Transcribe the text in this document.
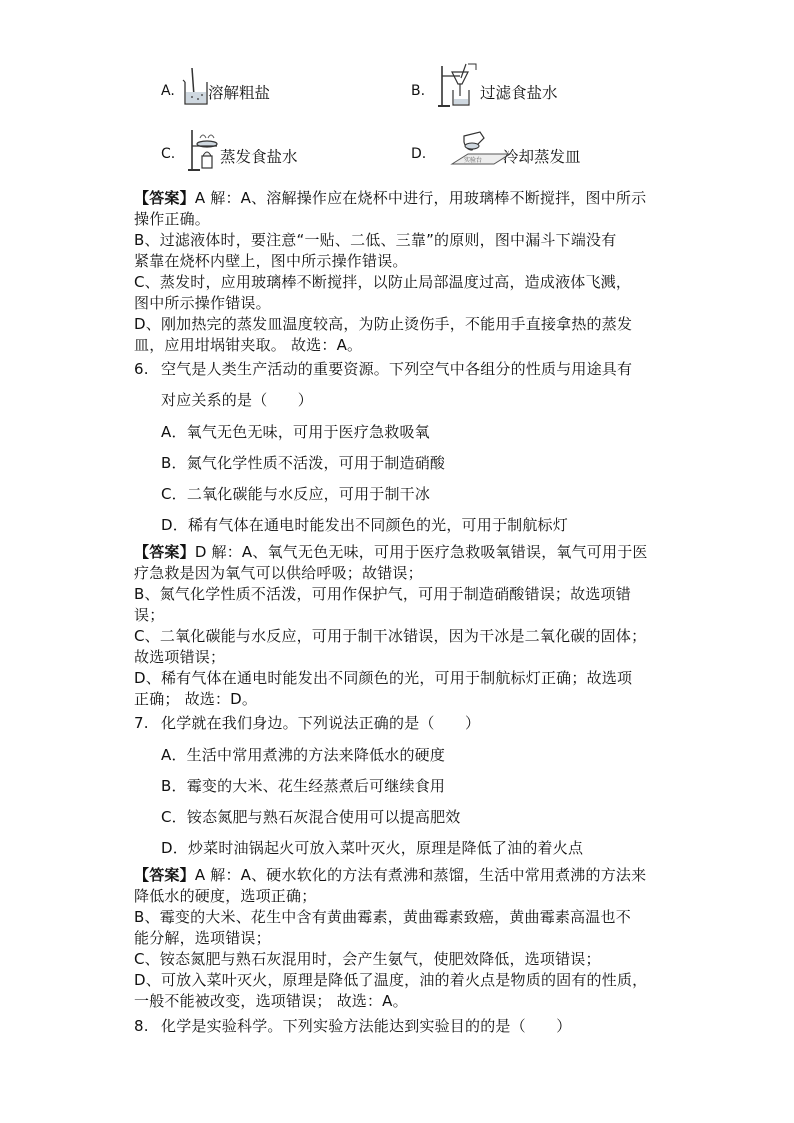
A. 溶解粗盐	B.	过滤食盐水
C.	蒸发食盐水	D.	实验台 冷却蒸发皿
【答案】A 解：A、溶解操作应在烧杯中进行，用玻璃棒不断搅拌，图中所示
操作正确。
B、过滤液体时，要注意“一贴、二低、三靠”的原则，图中漏斗下端没有
紧靠在烧杯内壁上，图中所示操作错误。
C、蒸发时，应用玻璃棒不断搅拌，以防止局部温度过高，造成液体飞溅，
图中所示操作错误。
D、刚加热完的蒸发皿温度较高，为防止烫伤手，不能用手直接拿热的蒸发
皿，应用坩埚钳夹取。 故选：A。
6. 空气是人类生产活动的重要资源。下列空气中各组分的性质与用途具有
对应关系的是（　　）
A．氧气无色无味，可用于医疗急救吸氧
B．氮气化学性质不活泼，可用于制造硝酸
C．二氧化碳能与水反应，可用于制干冰
D．稀有气体在通电时能发出不同颜色的光，可用于制航标灯
【答案】D 解：A、氧气无色无味，可用于医疗急救吸氧错误，氧气可用于医
疗急救是因为氧气可以供给呼吸；故错误；
B、氮气化学性质不活泼，可用作保护气，可用于制造硝酸错误；故选项错
误；
C、二氧化碳能与水反应，可用于制干冰错误，因为干冰是二氧化碳的固体；
故选项错误；
D、稀有气体在通电时能发出不同颜色的光，可用于制航标灯正确；故选项
正确； 故选：D。
7. 化学就在我们身边。下列说法正确的是（　　）
A．生活中常用煮沸的方法来降低水的硬度
B．霉变的大米、花生经蒸煮后可继续食用
C．铵态氮肥与熟石灰混合使用可以提高肥效
D．炒菜时油锅起火可放入菜叶灭火，原理是降低了油的着火点
【答案】A 解：A、硬水软化的方法有煮沸和蒸馏，生活中常用煮沸的方法来
降低水的硬度，选项正确；
B、霉变的大米、花生中含有黄曲霉素，黄曲霉素致癌，黄曲霉素高温也不
能分解，选项错误；
C、铵态氮肥与熟石灰混用时，会产生氨气，使肥效降低，选项错误；
D、可放入菜叶灭火，原理是降低了温度，油的着火点是物质的固有的性质，
一般不能被改变，选项错误； 故选：A。
8. 化学是实验科学。下列实验方法能达到实验目的的是（　　）
